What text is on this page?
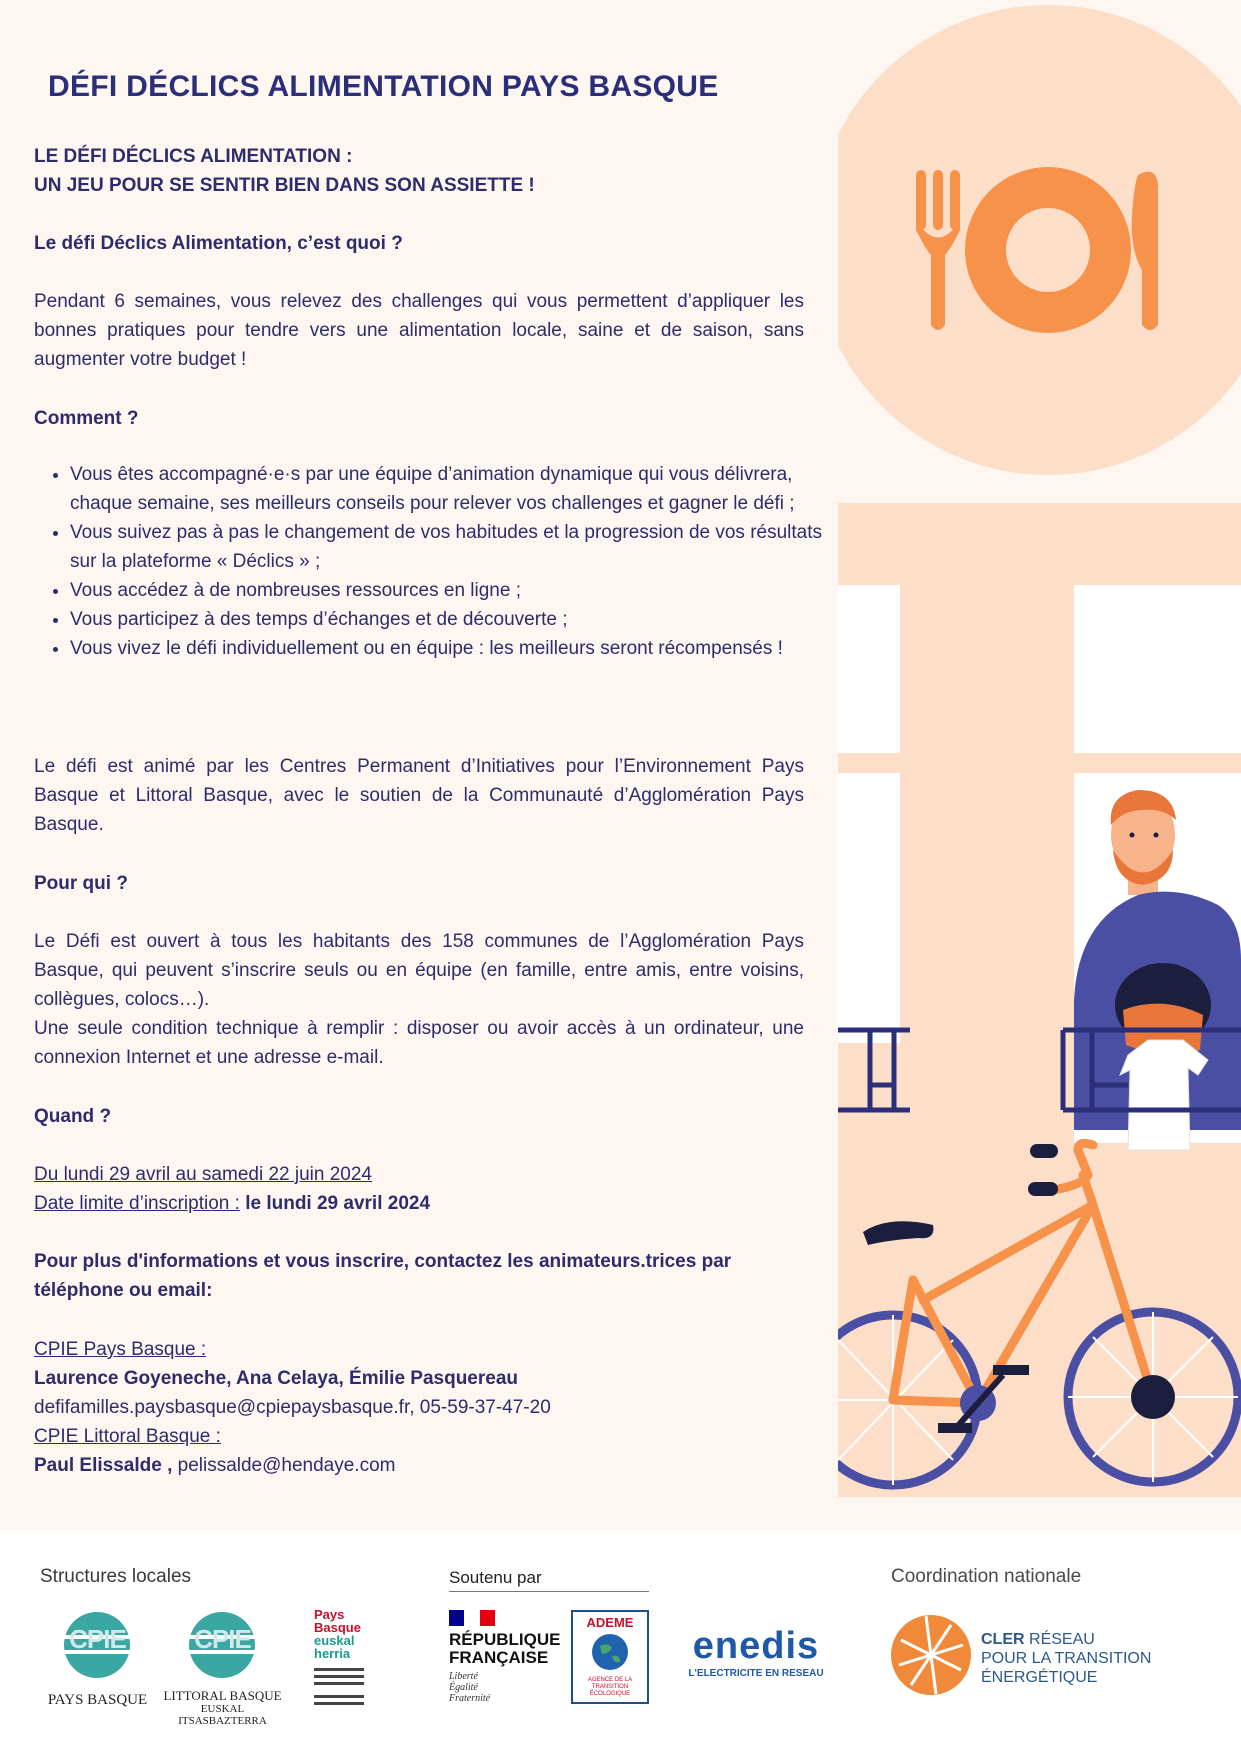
DÉFI DÉCLICS ALIMENTATION PAYS BASQUE
LE DÉFI DÉCLICS ALIMENTATION :
UN JEU POUR SE SENTIR BIEN DANS SON ASSIETTE !
Le défi Déclics Alimentation, c’est quoi ?
Pendant 6 semaines, vous relevez des challenges qui vous permettent d’appliquer les bonnes pratiques pour tendre vers une alimentation locale, saine et de saison, sans augmenter votre budget !
Comment ?
• Vous êtes accompagné·e·s par une équipe d’animation dynamique qui vous délivrera, chaque semaine, ses meilleurs conseils pour relever vos challenges et gagner le défi ;
• Vous suivez pas à pas le changement de vos habitudes et la progression de vos résultats sur la plateforme « Déclics » ;
• Vous accédez à de nombreuses ressources en ligne ;
• Vous participez à des temps d’échanges et de découverte ;
• Vous vivez le défi individuellement ou en équipe : les meilleurs seront récompensés !
Le défi est animé par les Centres Permanent d’Initiatives pour l’Environnement Pays Basque et Littoral Basque, avec le soutien de la Communauté d’Agglomération Pays Basque.
Pour qui ?
Le Défi est ouvert à tous les habitants des 158 communes de l’Agglomération Pays Basque, qui peuvent s’inscrire seuls ou en équipe (en famille, entre amis, entre voisins, collègues, colocs…).
Une seule condition technique à remplir : disposer ou avoir accès à un ordinateur, une connexion Internet et une adresse e-mail.
Quand ?
Du lundi 29 avril au samedi 22 juin 2024
Date limite d’inscription : le lundi 29 avril 2024
Pour plus d'informations et vous inscrire, contactez les animateurs.trices par téléphone ou email:
CPIE Pays Basque :
Laurence Goyeneche, Ana Celaya, Émilie Pasquereau
defifamilles.paysbasque@cpiepaysbasque.fr, 05-59-37-47-20
CPIE Littoral Basque :
Paul Elissalde , pelissalde@hendaye.com
Structures locales	Soutenu par	Coordination nationale
CPIE
PAYS BASQUE
CPIE
LITTORAL BASQUE
EUSKAL ITSASBAZTERRA
Pays
Basque
euskal
herria
RÉPUBLIQUE
FRANÇAISE
Liberté
Égalité
Fraternité
ADEME
AGENCE DE LA TRANSITION ÉCOLOGIQUE
enedis
L'ELECTRICITE EN RESEAU
CLER RÉSEAU
POUR LA TRANSITION
ÉNERGÉTIQUE
